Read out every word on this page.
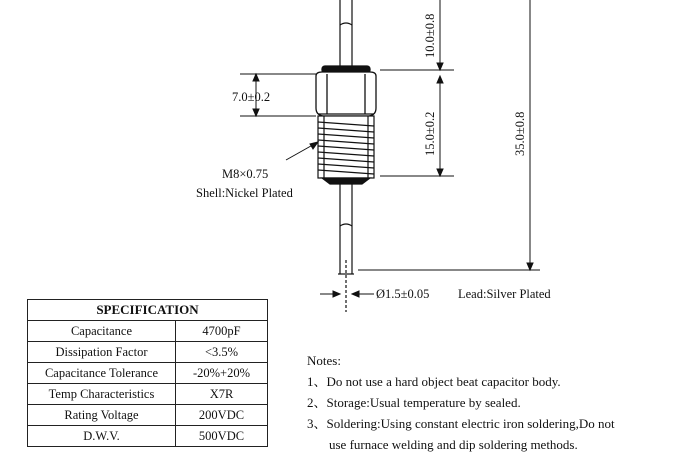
7.0±0.2
M8×0.75
Shell:Nickel Plated
10.0±0.8
15.0±0.2	35.0±0.8
Ø1.5±0.05 Lead:Silver Plated
SPECIFICATION	
Capacitance	4700pF
Dissipation Factor	<3.5%
Capacitance Tolerance	-20%+20%
Temp Characteristics	X7R
Rating Voltage	200VDC
D.W.V.	500VDC

Notes:

1、Do not use a hard object beat capacitor body.

2、Storage:Usual temperature by sealed.

3、Soldering:Using constant electric iron soldering,Do not

use furnace welding and dip soldering methods.
